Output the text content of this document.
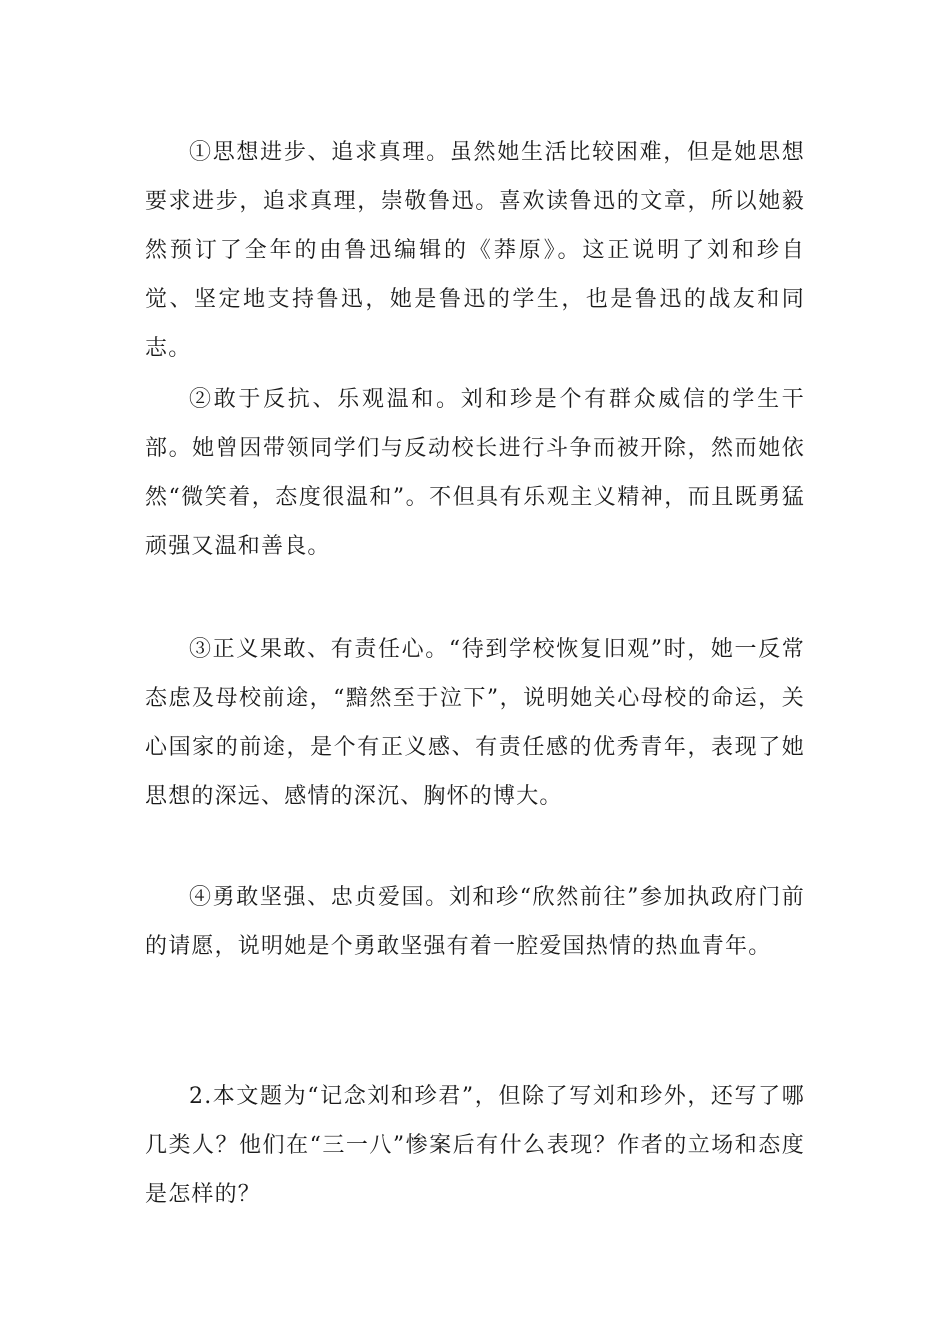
①思想进步、追求真理。虽然她生活比较困难，但是她思想要求进步，追求真理，崇敬鲁迅。喜欢读鲁迅的文章，所以她毅然预订了全年的由鲁迅编辑的《莽原》。这正说明了刘和珍自觉、坚定地支持鲁迅，她是鲁迅的学生，也是鲁迅的战友和同志。

②敢于反抗、乐观温和。刘和珍是个有群众威信的学生干部。她曾因带领同学们与反动校长进行斗争而被开除，然而她依然“微笑着，态度很温和”。不但具有乐观主义精神，而且既勇猛顽强又温和善良。

③正义果敢、有责任心。“待到学校恢复旧观”时，她一反常态虑及母校前途，“黯然至于泣下”，说明她关心母校的命运，关心国家的前途，是个有正义感、有责任感的优秀青年，表现了她思想的深远、感情的深沉、胸怀的博大。

④勇敢坚强、忠贞爱国。刘和珍“欣然前往”参加执政府门前的请愿，说明她是个勇敢坚强有着一腔爱国热情的热血青年。

2.本文题为“记念刘和珍君”，但除了写刘和珍外，还写了哪几类人？他们在“三一八”惨案后有什么表现？作者的立场和态度是怎样的？
